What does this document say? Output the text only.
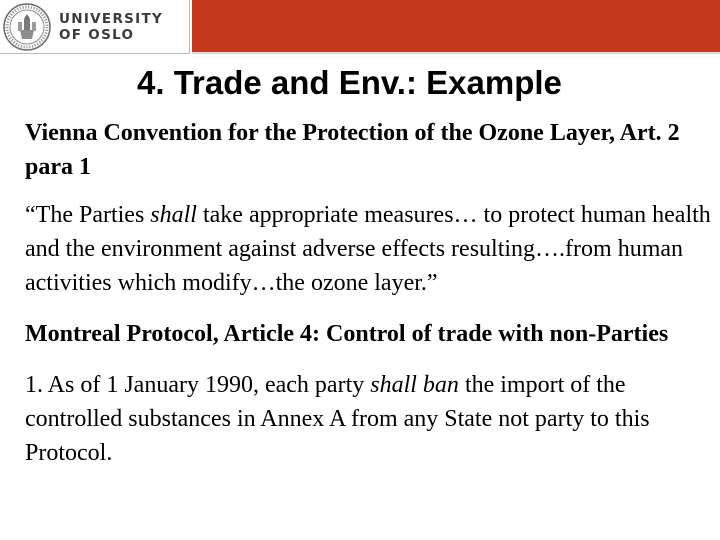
UNIVERSITY
OF OSLO
4. Trade and Env.: Example

Vienna Convention for the Protection of the Ozone Layer, Art. 2 para 1

“The Parties shall take appropriate measures… to protect human health and the environment against adverse effects resulting….from human activities which modify…the ozone layer.”

Montreal Protocol, Article 4: Control of trade with non-Parties

1. As of 1 January 1990, each party shall ban the import of the controlled substances in Annex A from any State not party to this Protocol.
